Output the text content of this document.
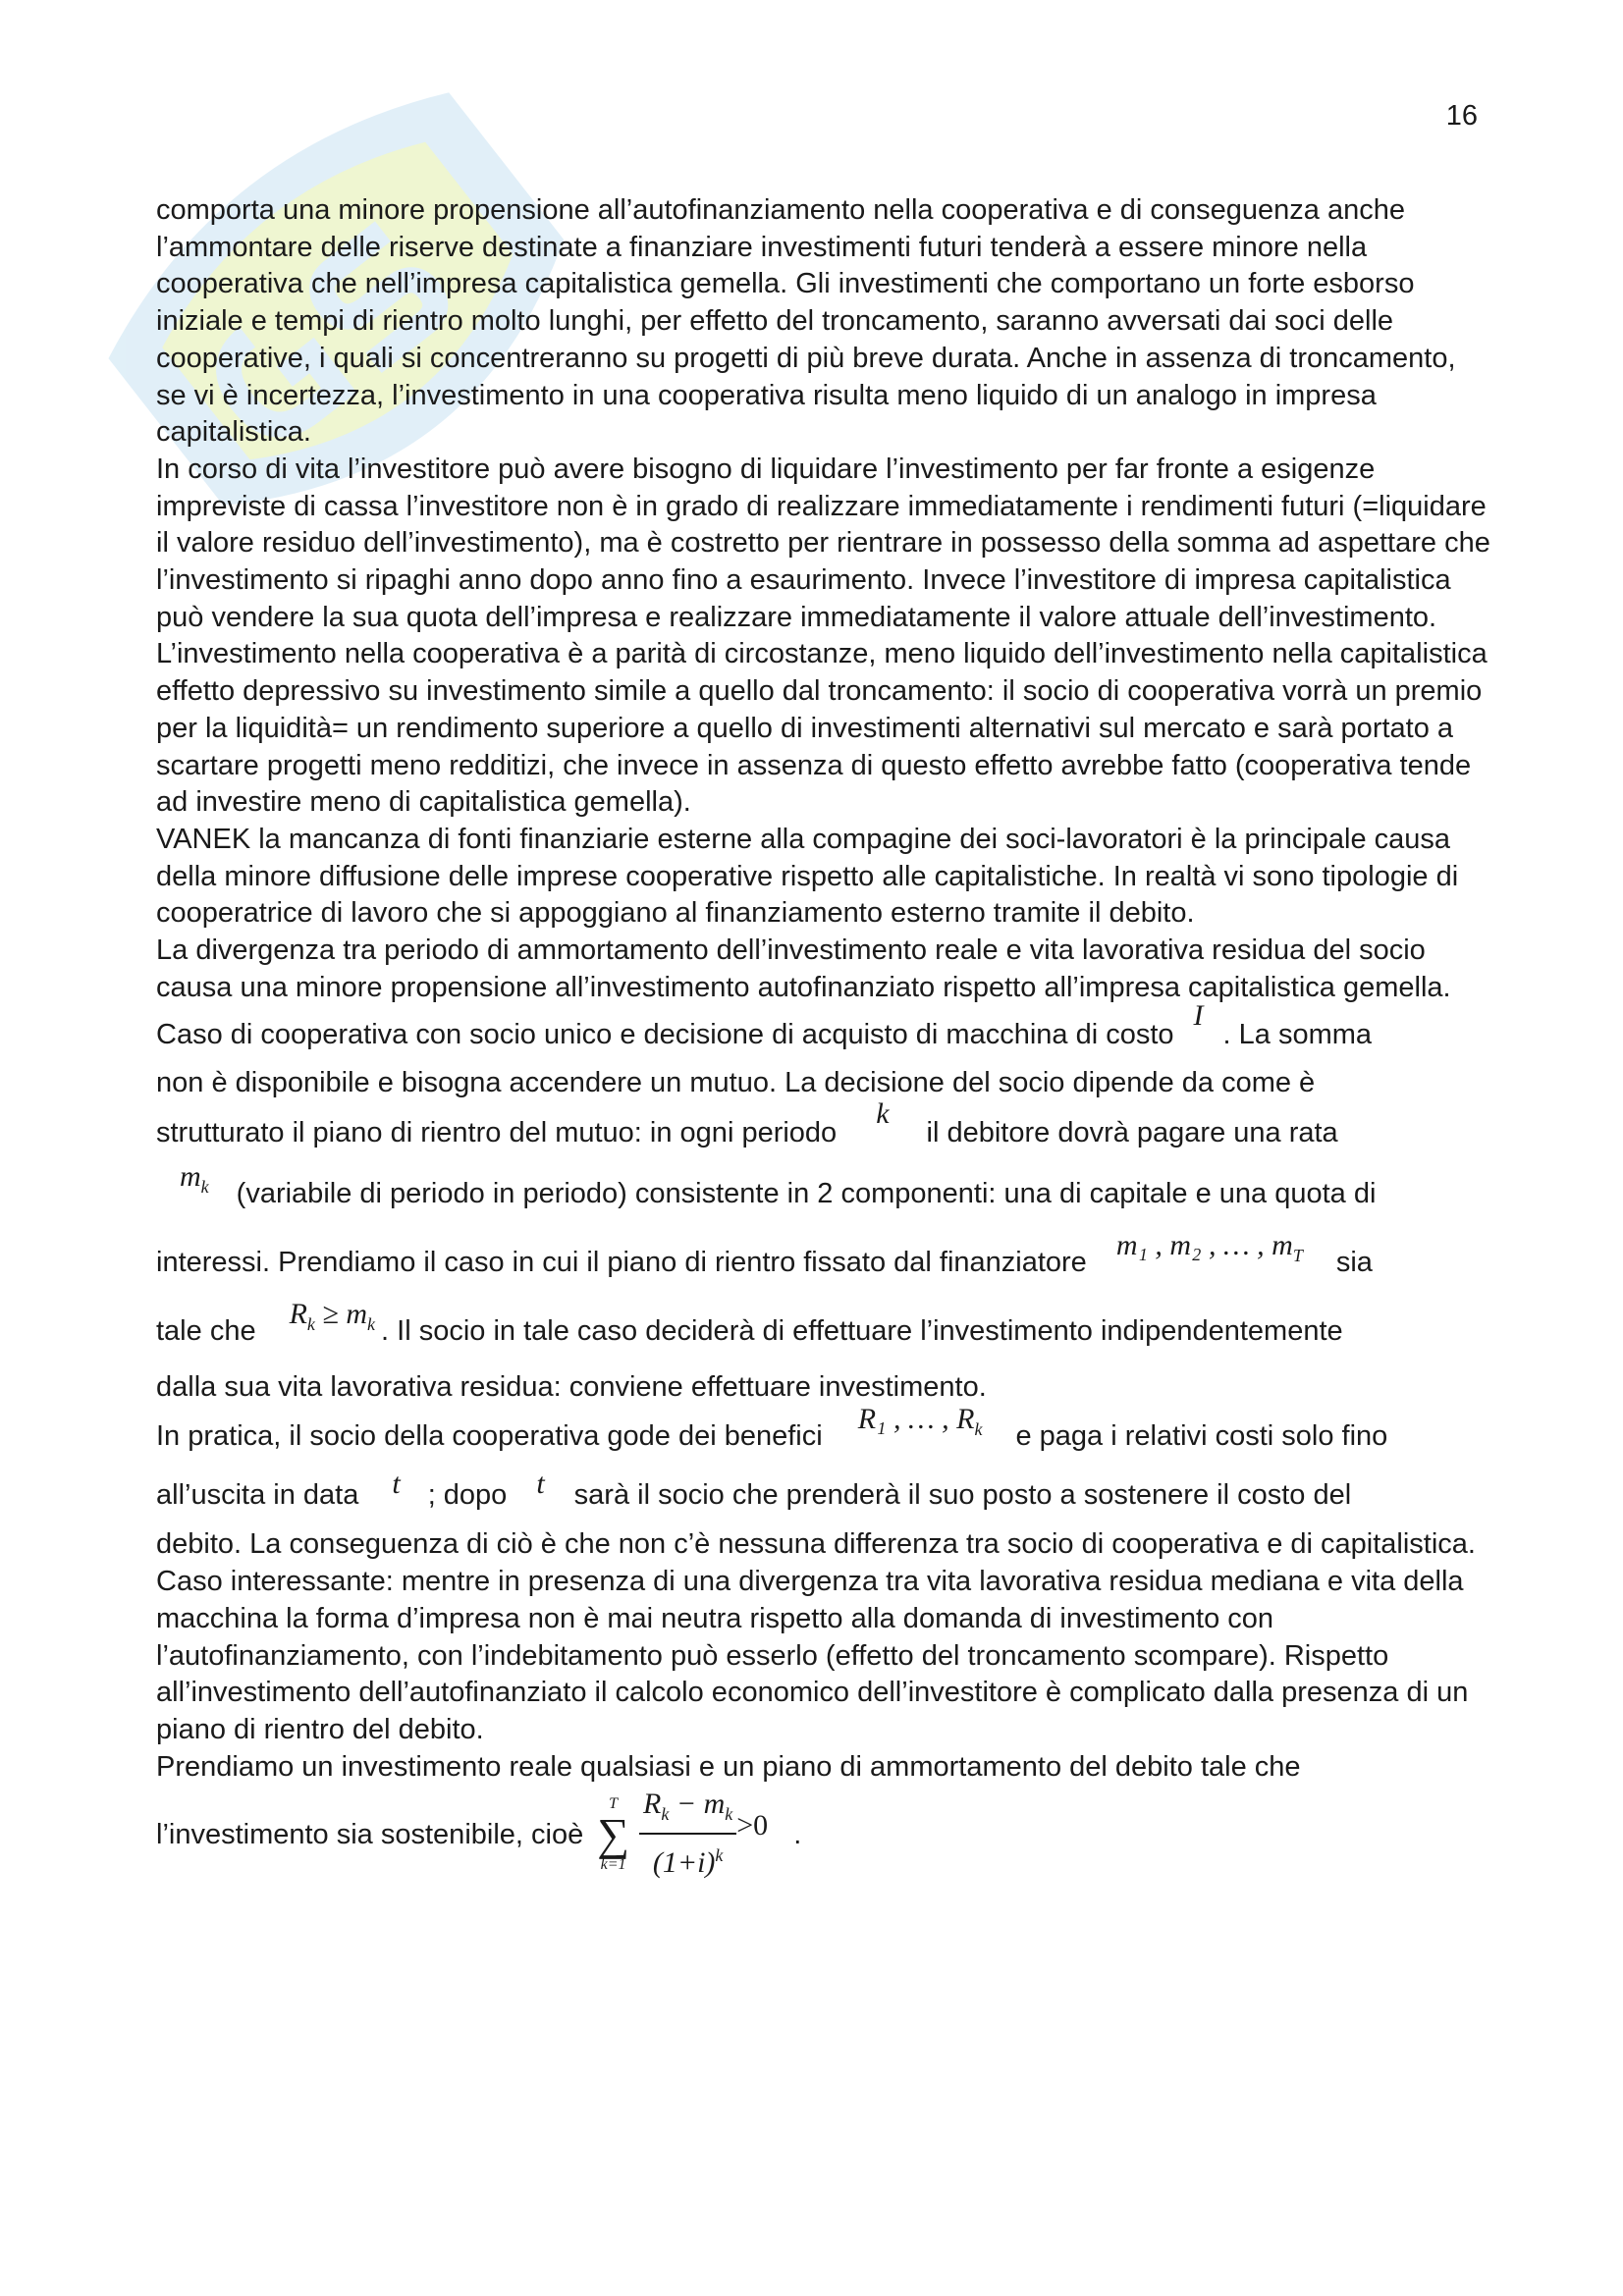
16

comporta una minore propensione all’autofinanziamento nella cooperativa e di conseguenza anche l’ammontare delle riserve destinate a finanziare investimenti futuri tenderà a essere minore nella cooperativa che nell’impresa capitalistica gemella. Gli investimenti che comportano un forte esborso iniziale e tempi di rientro molto lunghi, per effetto del troncamento, saranno avversati dai soci delle cooperative, i quali si concentreranno su progetti di più breve durata. Anche in assenza di troncamento, se vi è incertezza, l’investimento in una cooperativa risulta meno liquido di un analogo in impresa capitalistica.

In corso di vita l’investitore può avere bisogno di liquidare l’investimento per far fronte a esigenze impreviste di cassa l’investitore non è in grado di realizzare immediatamente i rendimenti futuri (=liquidare il valore residuo dell’investimento), ma è costretto per rientrare in possesso della somma ad aspettare che l’investimento si ripaghi anno dopo anno fino a esaurimento. Invece l’investitore di impresa capitalistica può vendere la sua quota dell’impresa e realizzare immediatamente il valore attuale dell’investimento. L’investimento nella cooperativa è a parità di circostanze, meno liquido dell’investimento nella capitalistica effetto depressivo su investimento simile a quello dal troncamento: il socio di cooperativa vorrà un premio per la liquidità= un rendimento superiore a quello di investimenti alternativi sul mercato e sarà portato a scartare progetti meno redditizi, che invece in assenza di questo effetto avrebbe fatto (cooperativa tende ad investire meno di capitalistica gemella).

VANEK la mancanza di fonti finanziarie esterne alla compagine dei soci-lavoratori è la principale causa della minore diffusione delle imprese cooperative rispetto alle capitalistiche. In realtà vi sono tipologie di cooperatrice di lavoro che si appoggiano al finanziamento esterno tramite il debito.

La divergenza tra periodo di ammortamento dell’investimento reale e vita lavorativa residua del socio causa una minore propensione all’investimento autofinanziato rispetto all’impresa capitalistica gemella.

Caso di cooperativa con socio unico e decisione di acquisto di macchina di costo
I
. La somma
non è disponibile e bisogna accendere un mutuo. La decisione del socio dipende da come è
strutturato il piano di rientro del mutuo: in ogni periodo
k
il debitore dovrà pagare una rata
$m_k$ (variabile di periodo in periodo) consistente in 2 componenti: una di capitale e una quota di
interessi. Prendiamo il caso in cui il piano di rientro fissato dal finanziatore
m₁ , m₂ , … , $m_T$ sia
tale che
$R_k \ge m_k$ . Il socio in tale caso deciderà di effettuare l’investimento indipendentemente
dalla sua vita lavorativa residua: conviene effettuare investimento.
In pratica, il socio della cooperativa gode dei benefici
R₁ , … , $R_k$ e paga i relativi costi solo fino
all’uscita in data t ; dopo t sarà il socio che prenderà il suo posto a sostenere il costo del

debito. La conseguenza di ciò è che non c’è nessuna differenza tra socio di cooperativa e di capitalistica. Caso interessante: mentre in presenza di una divergenza tra vita lavorativa residua mediana e vita della macchina la forma d’impresa non è mai neutra rispetto alla domanda di investimento con l’autofinanziamento, con l’indebitamento può esserlo (effetto del troncamento scompare). Rispetto all’investimento dell’autofinanziato il calcolo economico dell’investitore è complicato dalla presenza di un piano di rientro del debito.

Prendiamo un investimento reale qualsiasi e un piano di ammortamento del debito tale che

l’investimento sia sostenibile, cioè
T
∑
$k=1 \frac{R_k - m_k}{(1+i)^k} >0$ .
